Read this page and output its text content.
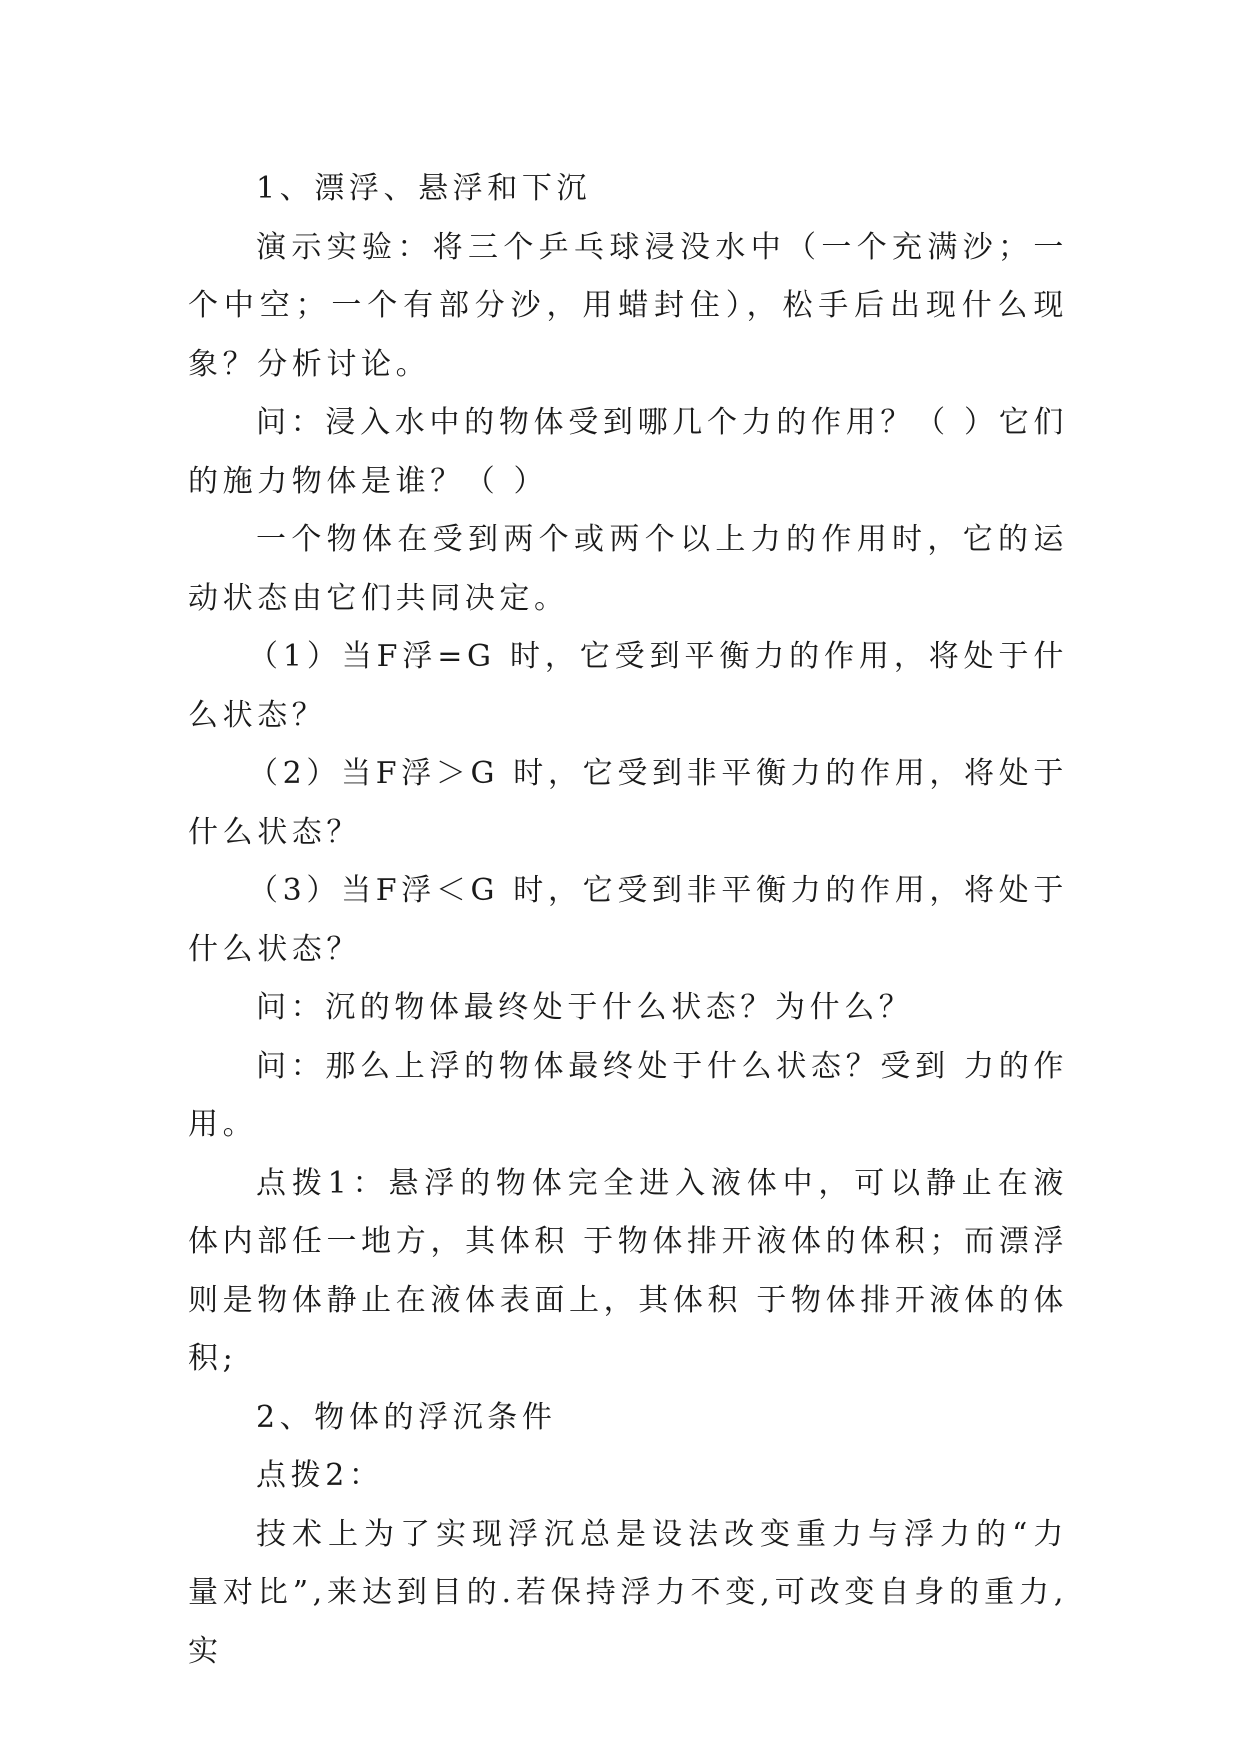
1、漂浮、悬浮和下沉

演示实验：将三个乒乓球浸没水中（一个充满沙；一个中空；一个有部分沙，用蜡封住），松手后出现什么现象？分析讨论。

问：浸入水中的物体受到哪几个力的作用？（ ）它们的施力物体是谁？（ ）

一个物体在受到两个或两个以上力的作用时，它的运动状态由它们共同决定。

（1）当F浮=G 时，它受到平衡力的作用，将处于什么状态？

（2）当F浮＞G 时，它受到非平衡力的作用，将处于什么状态？

（3）当F浮＜G 时，它受到非平衡力的作用，将处于什么状态？

问：沉的物体最终处于什么状态？为什么？

问：那么上浮的物体最终处于什么状态？受到 力的作用。

点拨1：悬浮的物体完全进入液体中，可以静止在液体内部任一地方，其体积 于物体排开液体的体积；而漂浮则是物体静止在液体表面上，其体积 于物体排开液体的体积;

2、物体的浮沉条件

点拨2：

技术上为了实现浮沉总是设法改变重力与浮力的“力量对比”,来达到目的.若保持浮力不变,可改变自身的重力,实
